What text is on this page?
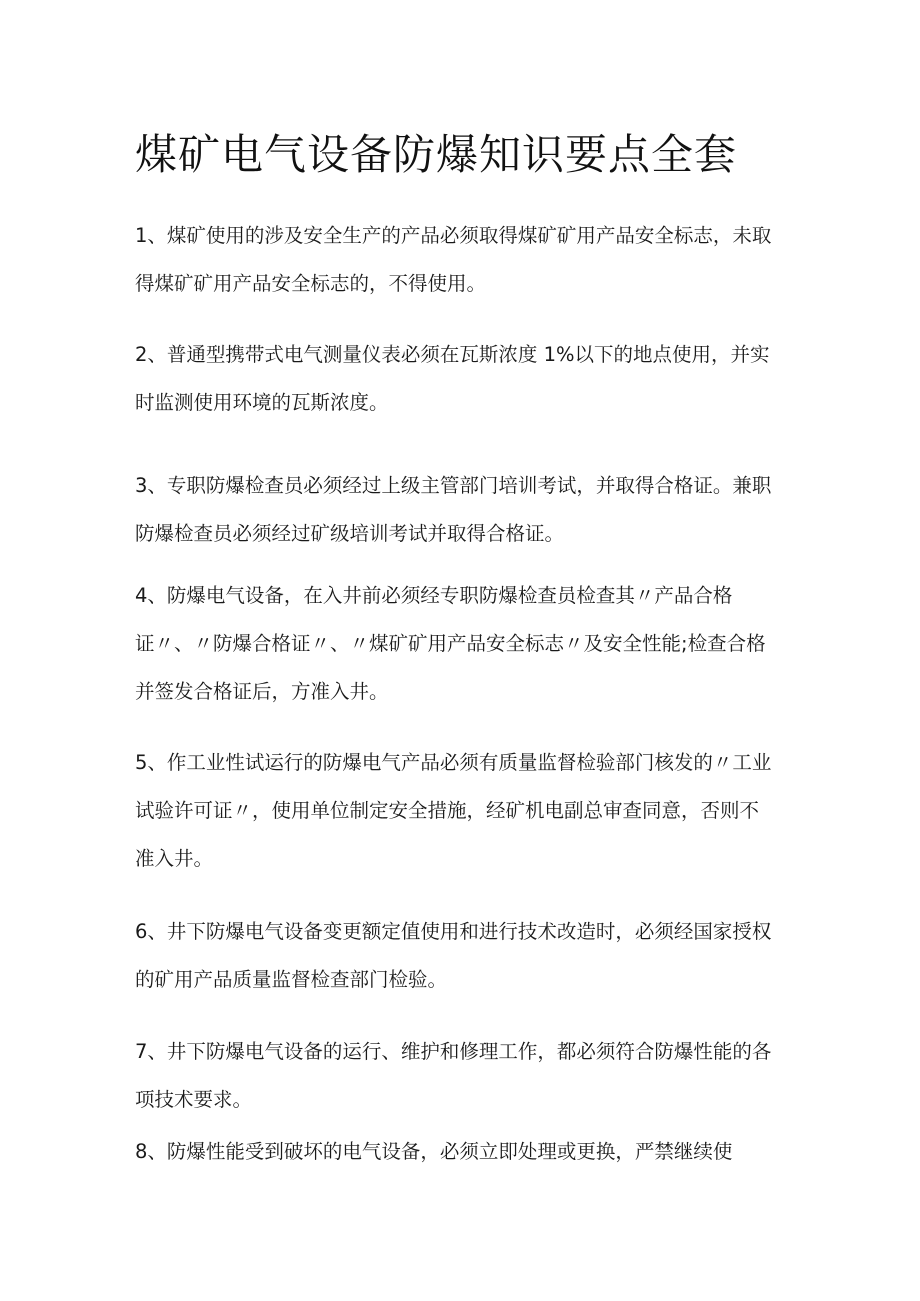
煤矿电气设备防爆知识要点全套
1、煤矿使用的涉及安全生产的产品必须取得煤矿矿用产品安全标志，未取
得煤矿矿用产品安全标志的，不得使用。
2、普通型携带式电气测量仪表必须在瓦斯浓度 1%以下的地点使用，并实
时监测使用环境的瓦斯浓度。
3、专职防爆检查员必须经过上级主管部门培训考试，并取得合格证。兼职
防爆检查员必须经过矿级培训考试并取得合格证。
4、防爆电气设备，在入井前必须经专职防爆检查员检查其〃产品合格
证〃、〃防爆合格证〃、〃煤矿矿用产品安全标志〃及安全性能;检查合格
并签发合格证后，方准入井。
5、作工业性试运行的防爆电气产品必须有质量监督检验部门核发的〃工业
试验许可证〃，使用单位制定安全措施，经矿机电副总审查同意，否则不
准入井。
6、井下防爆电气设备变更额定值使用和进行技术改造时，必须经国家授权
的矿用产品质量监督检查部门检验。
7、井下防爆电气设备的运行、维护和修理工作，都必须符合防爆性能的各
项技术要求。
8、防爆性能受到破坏的电气设备，必须立即处理或更换，严禁继续使
